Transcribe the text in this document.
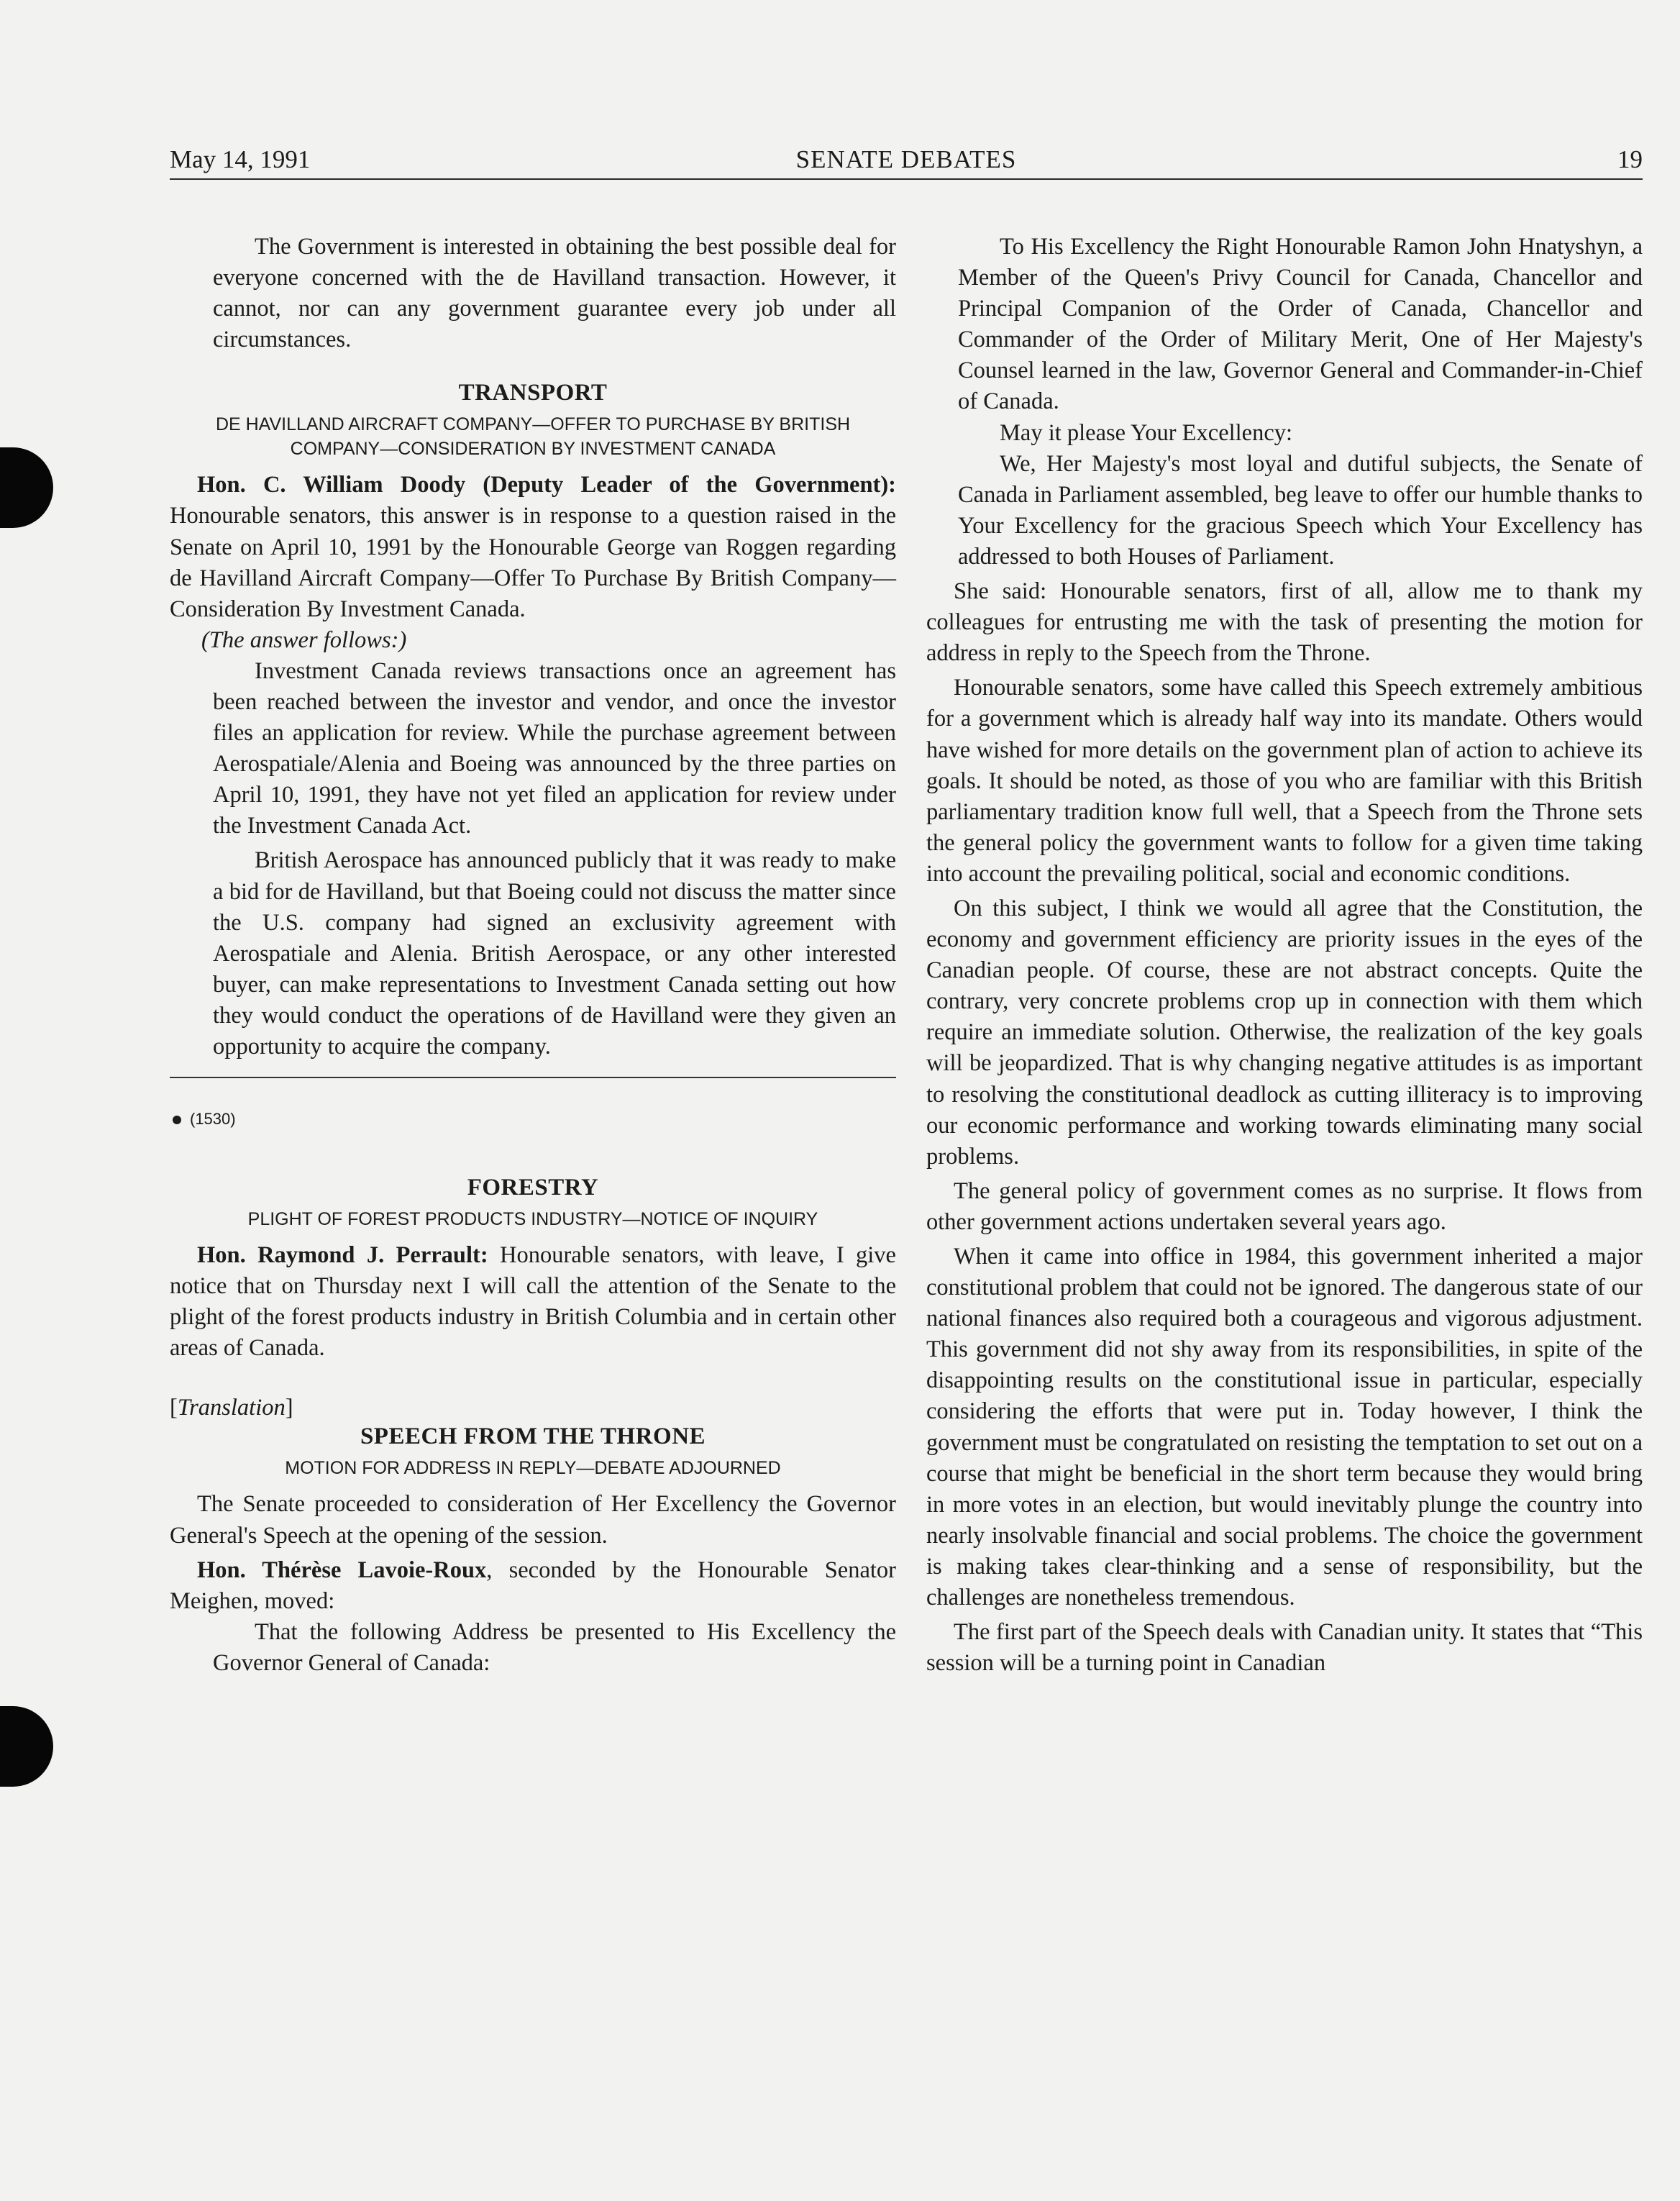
May 14, 1991	SENATE DEBATES	19

The Government is interested in obtaining the best possible deal for everyone concerned with the de Havilland transaction. However, it cannot, nor can any government guarantee every job under all circumstances.

TRANSPORT
DE HAVILLAND AIRCRAFT COMPANY—OFFER TO PURCHASE BY BRITISH COMPANY—CONSIDERATION BY INVESTMENT CANADA

Hon. C. William Doody (Deputy Leader of the Government): Honourable senators, this answer is in response to a question raised in the Senate on April 10, 1991 by the Honourable George van Roggen regarding de Havilland Aircraft Company—Offer To Purchase By British Company—Consideration By Investment Canada.

(The answer follows:)

Investment Canada reviews transactions once an agreement has been reached between the investor and vendor, and once the investor files an application for review. While the purchase agreement between Aerospatiale/Alenia and Boeing was announced by the three parties on April 10, 1991, they have not yet filed an application for review under the Investment Canada Act.

British Aerospace has announced publicly that it was ready to make a bid for de Havilland, but that Boeing could not discuss the matter since the U.S. company had signed an exclusivity agreement with Aerospatiale and Alenia. British Aerospace, or any other interested buyer, can make representations to Investment Canada setting out how they would conduct the operations of de Havilland were they given an opportunity to acquire the company.

(1530)
FORESTRY
PLIGHT OF FOREST PRODUCTS INDUSTRY—NOTICE OF INQUIRY

Hon. Raymond J. Perrault: Honourable senators, with leave, I give notice that on Thursday next I will call the attention of the Senate to the plight of the forest products industry in British Columbia and in certain other areas of Canada.

[Translation]

SPEECH FROM THE THRONE
MOTION FOR ADDRESS IN REPLY—DEBATE ADJOURNED

The Senate proceeded to consideration of Her Excellency the Governor General's Speech at the opening of the session.

Hon. Thérèse Lavoie-Roux, seconded by the Honourable Senator Meighen, moved:

That the following Address be presented to His Excellency the Governor General of Canada:

To His Excellency the Right Honourable Ramon John Hnatyshyn, a Member of the Queen's Privy Council for Canada, Chancellor and Principal Companion of the Order of Canada, Chancellor and Commander of the Order of Military Merit, One of Her Majesty's Counsel learned in the law, Governor General and Commander-in-Chief of Canada.

May it please Your Excellency:

We, Her Majesty's most loyal and dutiful subjects, the Senate of Canada in Parliament assembled, beg leave to offer our humble thanks to Your Excellency for the gracious Speech which Your Excellency has addressed to both Houses of Parliament.

She said: Honourable senators, first of all, allow me to thank my colleagues for entrusting me with the task of presenting the motion for address in reply to the Speech from the Throne.

Honourable senators, some have called this Speech extremely ambitious for a government which is already half way into its mandate. Others would have wished for more details on the government plan of action to achieve its goals. It should be noted, as those of you who are familiar with this British parliamentary tradition know full well, that a Speech from the Throne sets the general policy the government wants to follow for a given time taking into account the prevailing political, social and economic conditions.

On this subject, I think we would all agree that the Constitution, the economy and government efficiency are priority issues in the eyes of the Canadian people. Of course, these are not abstract concepts. Quite the contrary, very concrete problems crop up in connection with them which require an immediate solution. Otherwise, the realization of the key goals will be jeopardized. That is why changing negative attitudes is as important to resolving the constitutional deadlock as cutting illiteracy is to improving our economic performance and working towards eliminating many social problems.

The general policy of government comes as no surprise. It flows from other government actions undertaken several years ago.

When it came into office in 1984, this government inherited a major constitutional problem that could not be ignored. The dangerous state of our national finances also required both a courageous and vigorous adjustment. This government did not shy away from its responsibilities, in spite of the disappointing results on the constitutional issue in particular, especially considering the efforts that were put in. Today however, I think the government must be congratulated on resisting the temptation to set out on a course that might be beneficial in the short term because they would bring in more votes in an election, but would inevitably plunge the country into nearly insolvable financial and social problems. The choice the government is making takes clear-thinking and a sense of responsibility, but the challenges are nonetheless tremendous.

The first part of the Speech deals with Canadian unity. It states that “This session will be a turning point in Canadian
